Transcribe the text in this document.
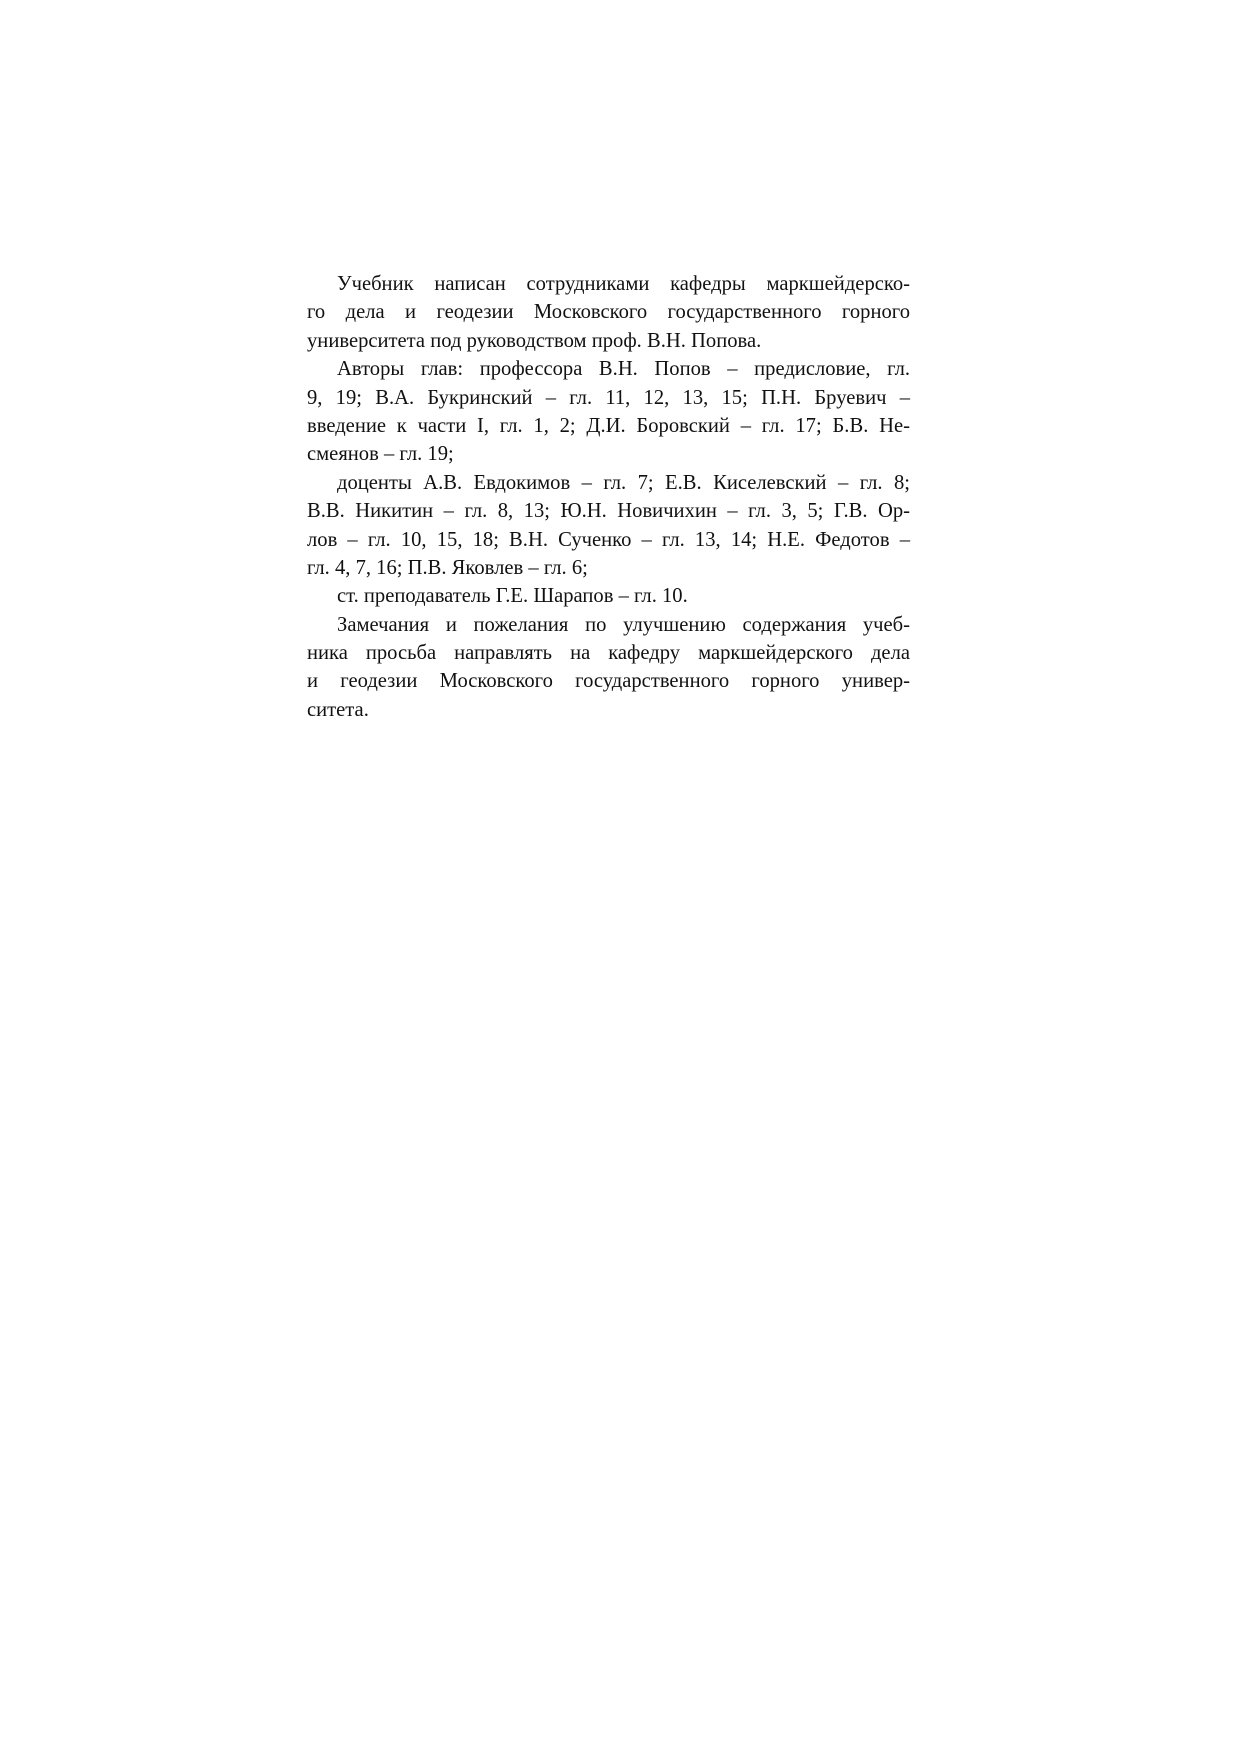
Учебник написан сотрудниками кафедры маркшейдерско-
го дела и геодезии Московского государственного горного
университета под руководством проф. В.Н. Попова.
Авторы глав: профессора В.Н. Попов – предисловие, гл.
9, 19; В.А. Букринский – гл. 11, 12, 13, 15; П.Н. Бруевич –
введение к части I, гл. 1, 2; Д.И. Боровский – гл. 17; Б.В. Не-
смеянов – гл. 19;
доценты А.В. Евдокимов – гл. 7; Е.В. Киселевский – гл. 8;
В.В. Никитин – гл. 8, 13; Ю.Н. Новичихин – гл. 3, 5; Г.В. Ор-
лов – гл. 10, 15, 18; В.Н. Сученко – гл. 13, 14; Н.Е. Федотов –
гл. 4, 7, 16; П.В. Яковлев – гл. 6;
ст. преподаватель Г.Е. Шарапов – гл. 10.
Замечания и пожелания по улучшению содержания учеб-
ника просьба направлять на кафедру маркшейдерского дела
и геодезии Московского государственного горного универ-
ситета.
